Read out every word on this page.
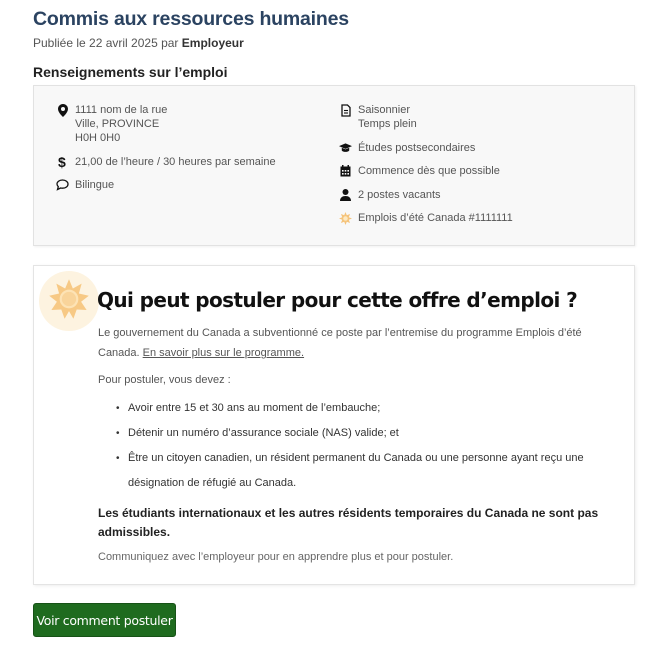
Commis aux ressources humaines
Publiée le 22 avril 2025 par Employeur
Renseignements sur l’emploi
1111 nom de la rue
Ville, PROVINCE
H0H 0H0
$ 21,00 de l’heure / 30 heures par semaine
Bilingue
Saisonnier
Temps plein
Études postsecondaires
Commence dès que possible
2 postes vacants
Emplois d’été Canada #1111111
Qui peut postuler pour cette offre d’emploi ?

Le gouvernement du Canada a subventionné ce poste par l’entremise du programme Emplois d’été Canada. En savoir plus sur le programme.

Pour postuler, vous devez :

• Avoir entre 15 et 30 ans au moment de l’embauche;
• Détenir un numéro d’assurance sociale (NAS) valide; et
• Être un citoyen canadien, un résident permanent du Canada ou une personne ayant reçu une désignation de réfugié au Canada.

Les étudiants internationaux et les autres résidents temporaires du Canada ne sont pas admissibles.

Communiquez avec l’employeur pour en apprendre plus et pour postuler.

Voir comment postuler
